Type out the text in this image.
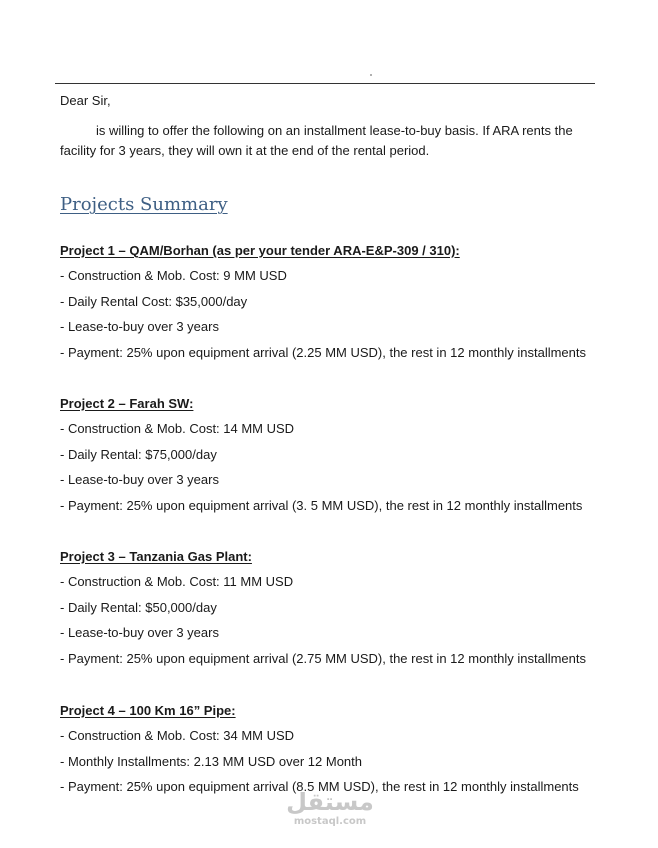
Dear Sir,
is willing to offer the following on an installment lease-to-buy basis. If ARA rents the facility for 3 years, they will own it at the end of the rental period.
Projects Summary
Project 1 – QAM/Borhan (as per your tender ARA-E&P-309 / 310):
- Construction & Mob. Cost: 9 MM USD
- Daily Rental Cost: $35,000/day
- Lease-to-buy over 3 years
- Payment: 25% upon equipment arrival (2.25 MM USD), the rest in 12 monthly installments
Project 2 – Farah SW:
- Construction & Mob. Cost: 14 MM USD
- Daily Rental: $75,000/day
- Lease-to-buy over 3 years
- Payment: 25% upon equipment arrival (3. 5 MM USD), the rest in 12 monthly installments
Project 3 – Tanzania Gas Plant:
- Construction & Mob. Cost: 11 MM USD
- Daily Rental: $50,000/day
- Lease-to-buy over 3 years
- Payment: 25% upon equipment arrival (2.75 MM USD), the rest in 12 monthly installments
Project 4 – 100 Km 16” Pipe:
- Construction & Mob. Cost: 34 MM USD
- Monthly Installments: 2.13 MM USD over 12 Month
- Payment: 25% upon equipment arrival (8.5 MM USD), the rest in 12 monthly installments
مستقل
mostaql.com
